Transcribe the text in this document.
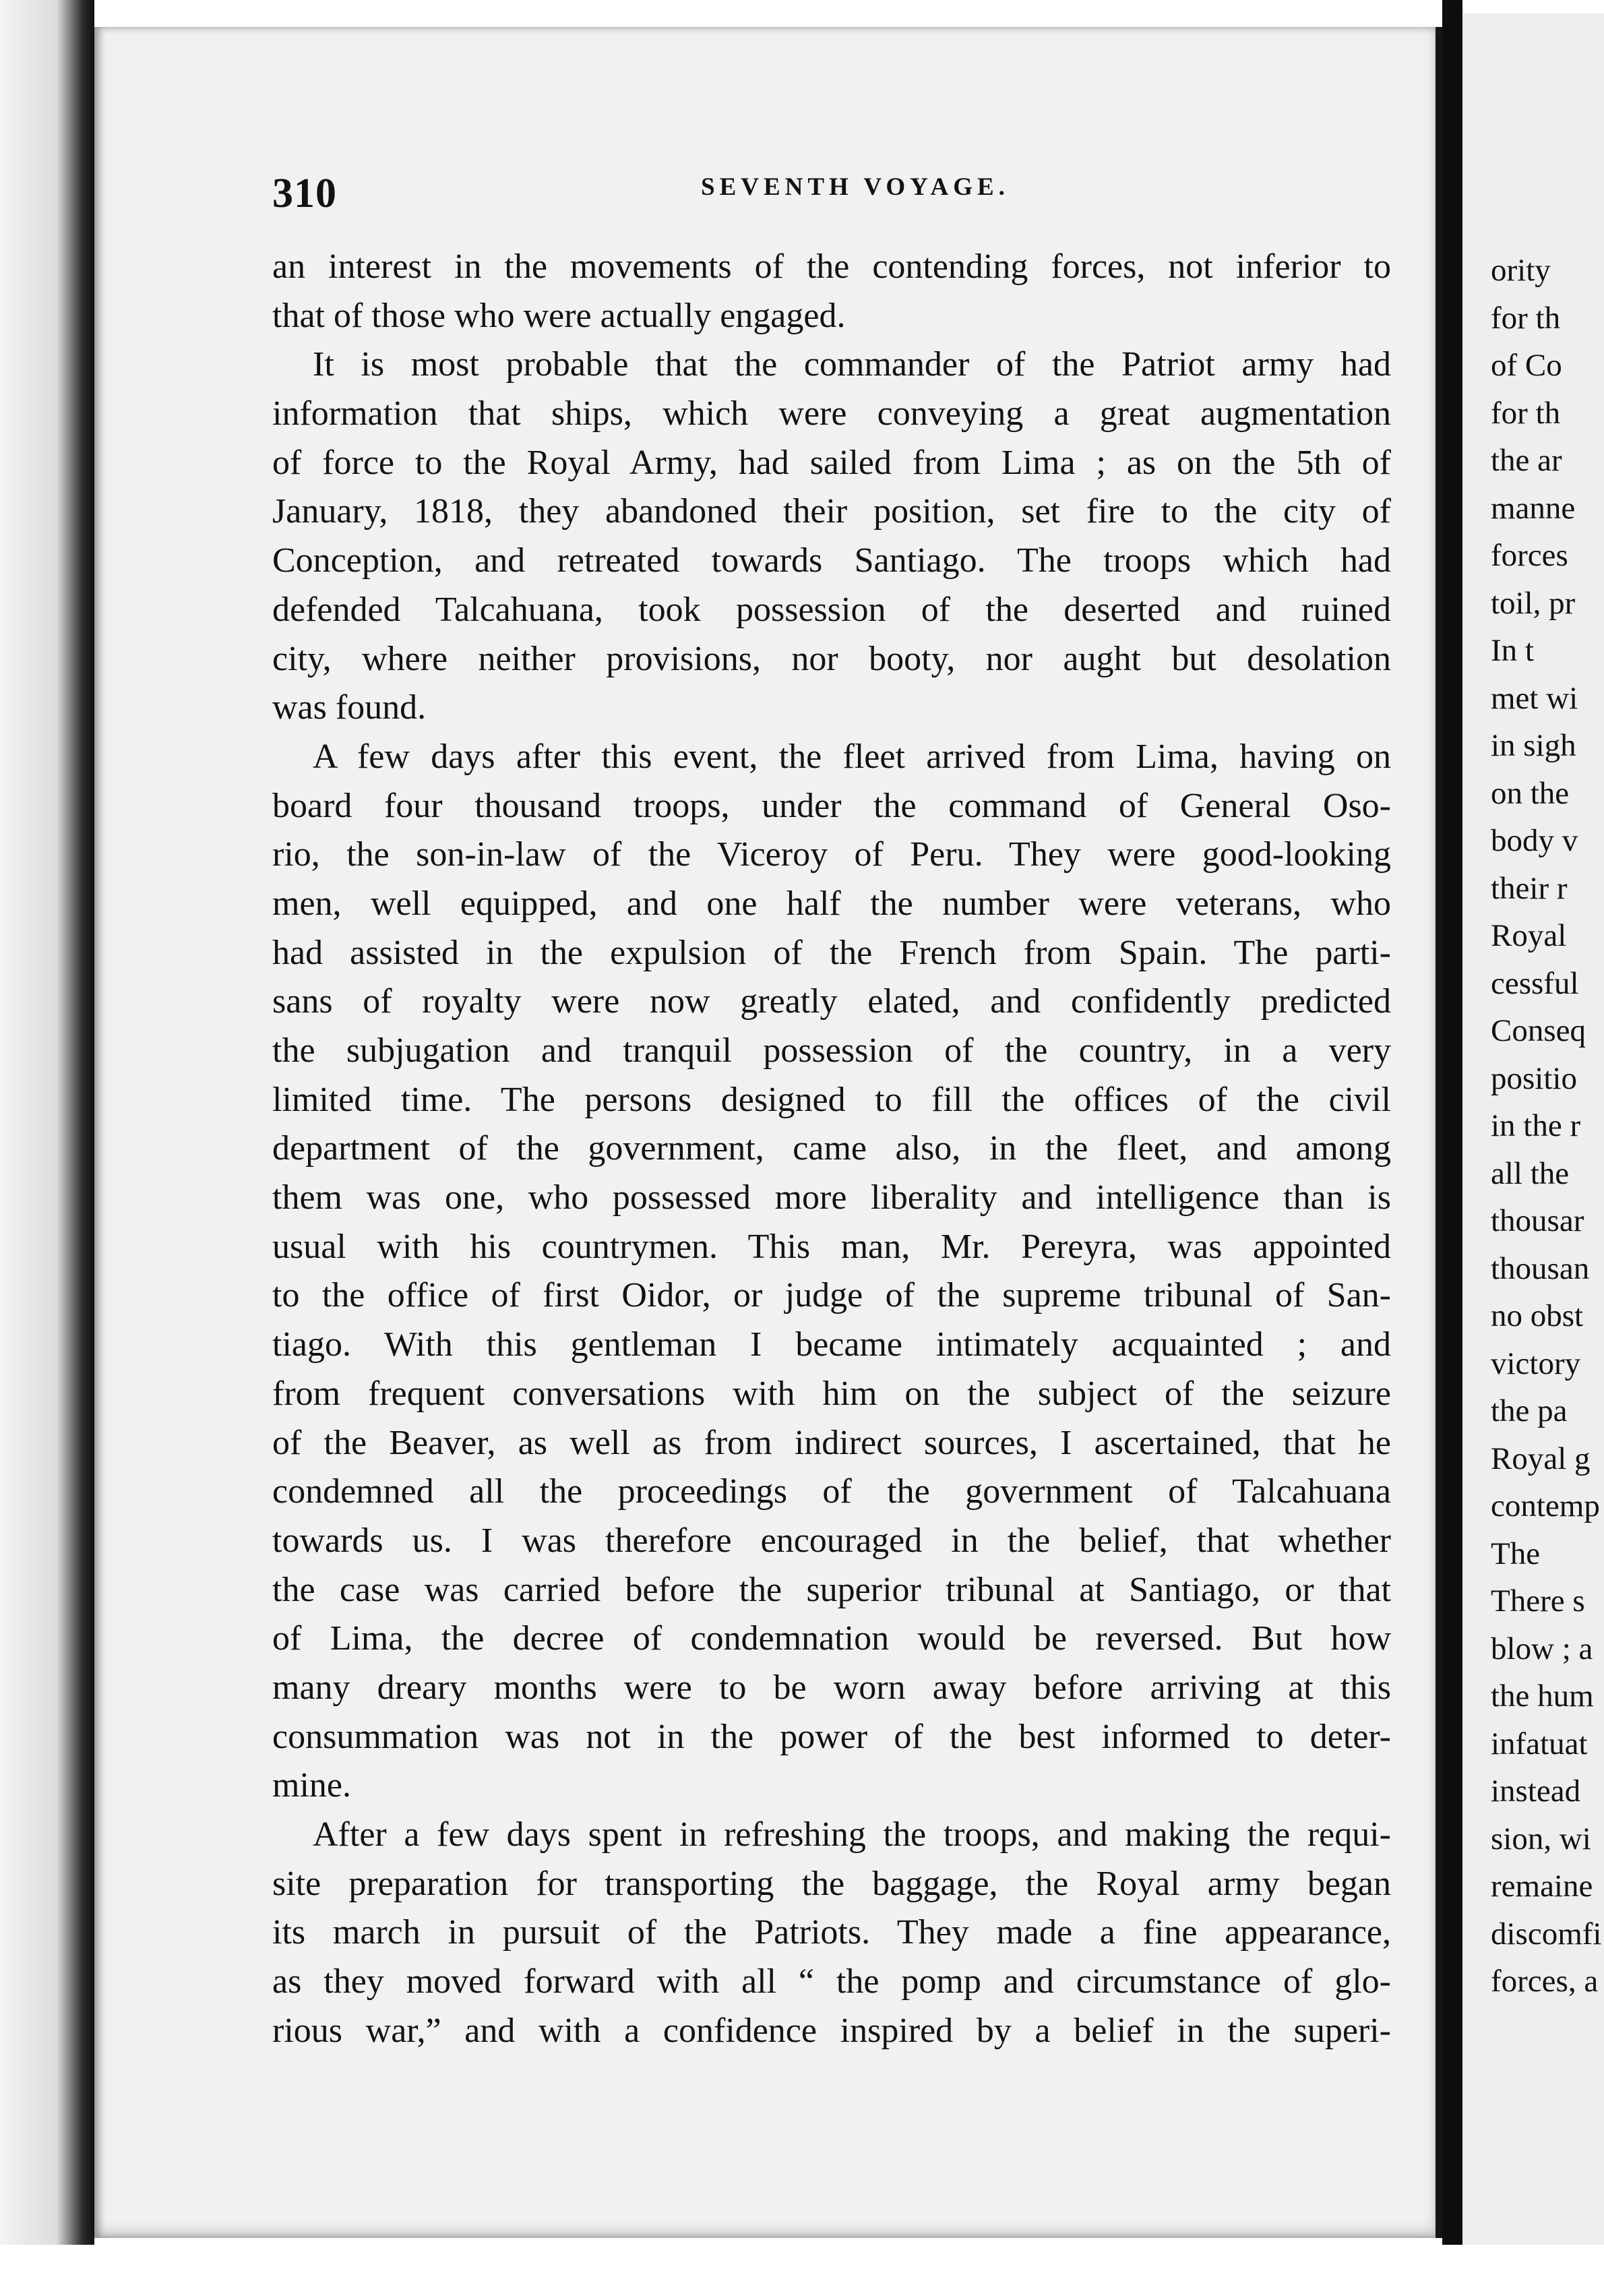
310	SEVENTH VOYAGE.
an interest in the movements of the contending forces, not inferior to
that of those who were actually engaged.
It is most probable that the commander of the Patriot army had
information that ships, which were conveying a great augmentation
of force to the Royal Army, had sailed from Lima ; as on the 5th of
January, 1818, they abandoned their position, set fire to the city of
Conception, and retreated towards Santiago. The troops which had
defended Talcahuana, took possession of the deserted and ruined
city, where neither provisions, nor booty, nor aught but desolation
was found.
A few days after this event, the fleet arrived from Lima, having on
board four thousand troops, under the command of General Oso-
rio, the son-in-law of the Viceroy of Peru. They were good-looking
men, well equipped, and one half the number were veterans, who
had assisted in the expulsion of the French from Spain. The parti-
sans of royalty were now greatly elated, and confidently predicted
the subjugation and tranquil possession of the country, in a very
limited time. The persons designed to fill the offices of the civil
department of the government, came also, in the fleet, and among
them was one, who possessed more liberality and intelligence than is
usual with his countrymen. This man, Mr. Pereyra, was appointed
to the office of first Oidor, or judge of the supreme tribunal of San-
tiago. With this gentleman I became intimately acquainted ; and
from frequent conversations with him on the subject of the seizure
of the Beaver, as well as from indirect sources, I ascertained, that he
condemned all the proceedings of the government of Talcahuana
towards us. I was therefore encouraged in the belief, that whether
the case was carried before the superior tribunal at Santiago, or that
of Lima, the decree of condemnation would be reversed. But how
many dreary months were to be worn away before arriving at this
consummation was not in the power of the best informed to deter-
mine.
After a few days spent in refreshing the troops, and making the requi-
site preparation for transporting the baggage, the Royal army began
its march in pursuit of the Patriots. They made a fine appearance,
as they moved forward with all “ the pomp and circumstance of glo-
rious war,” and with a confidence inspired by a belief in the superi-
ority
for th
of Co
for th
the ar
manne
forces
toil, pr
In t
met wi
in sigh
on the
body v
their r
Royal
cessful
Conseq
positio
in the r
all the
thousar
thousan
no obst
victory
the pa
Royal g
contemp
The
There s
blow ; a
the hum
infatuat
instead
sion, wi
remaine
discomfi
forces, a
